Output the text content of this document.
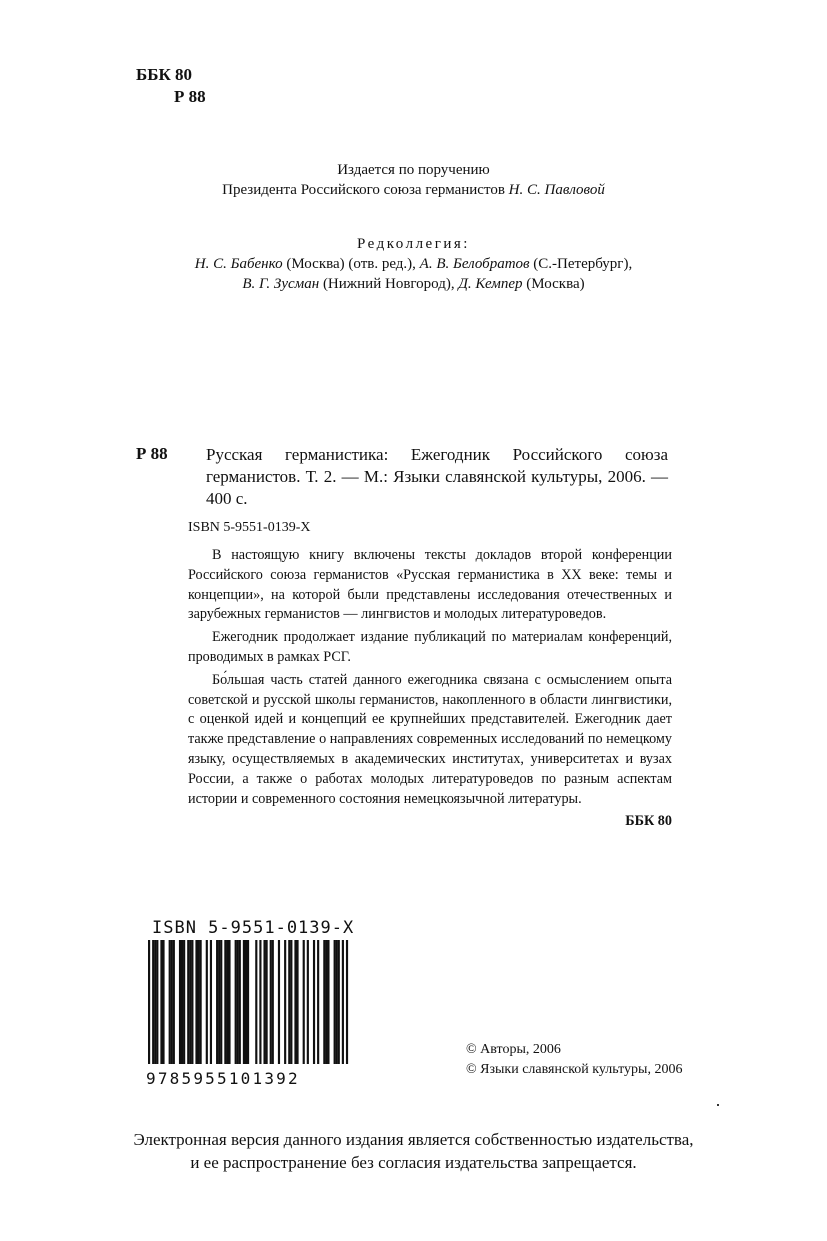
ББК 80
Р 88
Издается по поручению
Президента Российского союза германистов Н. С. Павловой
Редколлегия:
Н. С. Бабенко (Москва) (отв. ред.), А. В. Белобратов (С.-Петербург),
В. Г. Зусман (Нижний Новгород), Д. Кемпер (Москва)
Р 88 Русская германистика: Ежегодник Российского союза германистов. Т. 2. — М.: Языки славянской культуры, 2006. — 400 с.
ISBN 5-9551-0139-X

В настоящую книгу включены тексты докладов второй конференции Российского союза германистов «Русская германистика в XX веке: темы и концепции», на которой были представлены исследования отечественных и зарубежных германистов — лингвистов и молодых литературоведов.

Ежегодник продолжает издание публикаций по материалам конференций, проводимых в рамках РСГ.

Бо́льшая часть статей данного ежегодника связана с осмыслением опыта советской и русской школы германистов, накопленного в области лингвистики, с оценкой идей и концепций ее крупнейших представителей. Ежегодник дает также представление о направлениях современных исследований по немецкому языку, осуществляемых в академических институтах, университетах и вузах России, а также о работах молодых литературоведов по разным аспектам истории и современного состояния немецкоязычной литературы.

ББК 80
ISBN 5-9551-0139-X
9785955101392
© Авторы, 2006
© Языки славянской культуры, 2006
Электронная версия данного издания является собственностью издательства,
и ее распространение без согласия издательства запрещается.
